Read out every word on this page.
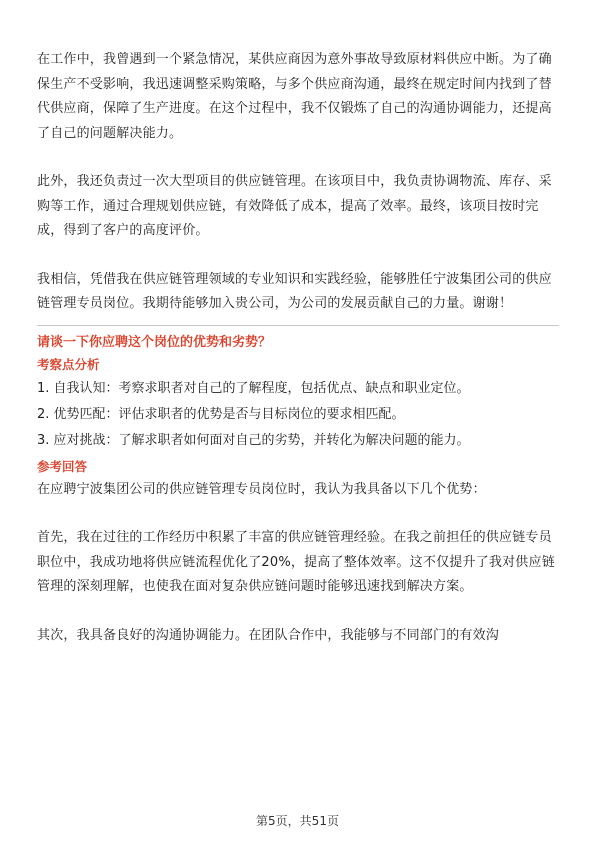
在工作中，我曾遇到一个紧急情况，某供应商因为意外事故导致原材料供应中断。为了确保生产不受影响，我迅速调整采购策略，与多个供应商沟通，最终在规定时间内找到了替代供应商，保障了生产进度。在这个过程中，我不仅锻炼了自己的沟通协调能力，还提高了自己的问题解决能力。

此外，我还负责过一次大型项目的供应链管理。在该项目中，我负责协调物流、库存、采购等工作，通过合理规划供应链，有效降低了成本，提高了效率。最终，该项目按时完成，得到了客户的高度评价。

我相信，凭借我在供应链管理领域的专业知识和实践经验，能够胜任宁波集团公司的供应链管理专员岗位。我期待能够加入贵公司，为公司的发展贡献自己的力量。谢谢！

请谈一下你应聘这个岗位的优势和劣势？

考察点分析

1. 自我认知：考察求职者对自己的了解程度，包括优点、缺点和职业定位。
2. 优势匹配：评估求职者的优势是否与目标岗位的要求相匹配。
3. 应对挑战：了解求职者如何面对自己的劣势，并转化为解决问题的能力。

参考回答

在应聘宁波集团公司的供应链管理专员岗位时，我认为我具备以下几个优势：

首先，我在过往的工作经历中积累了丰富的供应链管理经验。在我之前担任的供应链专员职位中，我成功地将供应链流程优化了20%，提高了整体效率。这不仅提升了我对供应链管理的深刻理解，也使我在面对复杂供应链问题时能够迅速找到解决方案。

其次，我具备良好的沟通协调能力。在团队合作中，我能够与不同部门的有效沟

第5页，共51页
